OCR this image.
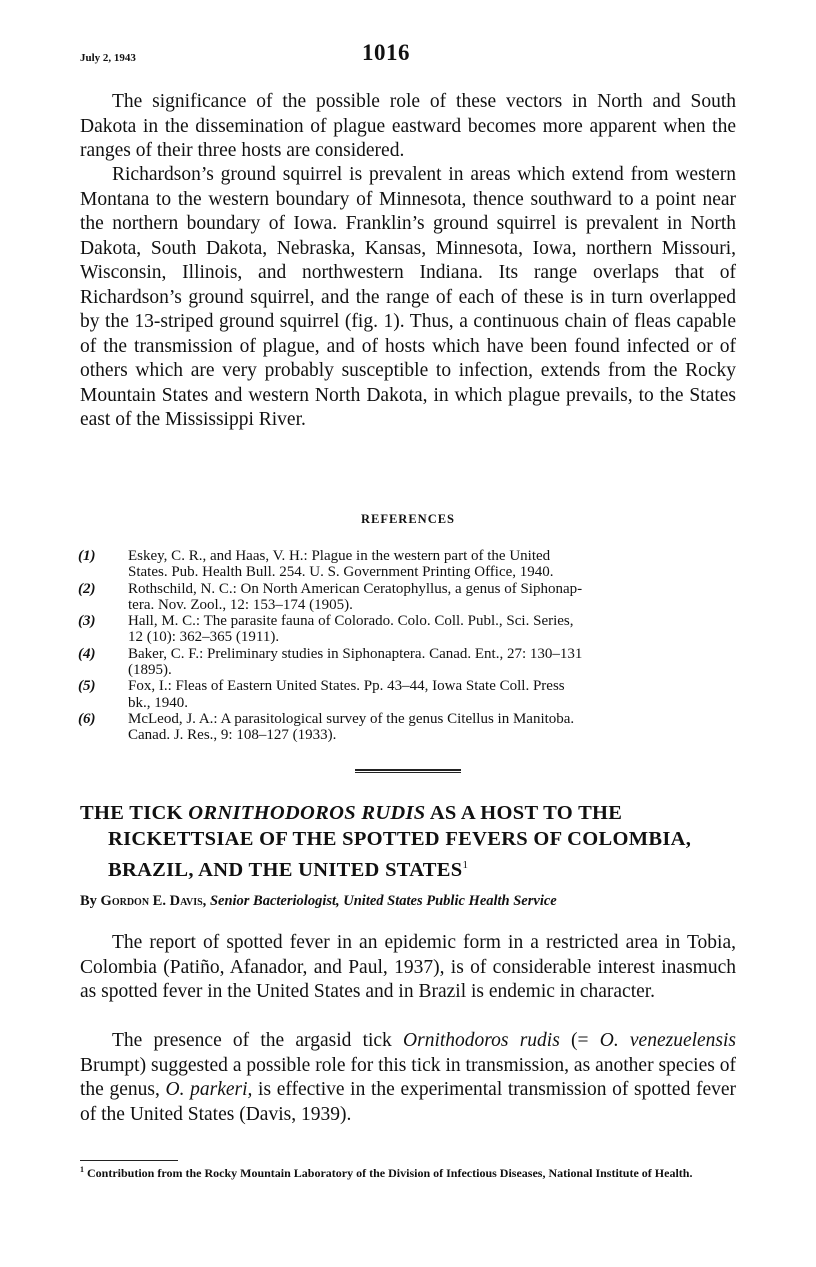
July 2, 1943	1016

The significance of the possible role of these vectors in North and South Dakota in the dissemination of plague eastward becomes more apparent when the ranges of their three hosts are considered.

Richardson’s ground squirrel is prevalent in areas which extend from western Montana to the western boundary of Minnesota, thence southward to a point near the northern boundary of Iowa. Franklin’s ground squirrel is prevalent in North Dakota, South Dakota, Nebraska, Kansas, Minnesota, Iowa, northern Missouri, Wisconsin, Illinois, and northwestern Indiana. Its range overlaps that of Richardson’s ground squirrel, and the range of each of these is in turn overlapped by the 13-striped ground squirrel (fig. 1). Thus, a continuous chain of fleas capable of the transmission of plague, and of hosts which have been found infected or of others which are very probably susceptible to infection, extends from the Rocky Mountain States and western North Dakota, in which plague prevails, to the States east of the Mississippi River.

REFERENCES
(1)	Eskey, C. R., and Haas, V. H.: Plague in the western part of the United
States. Pub. Health Bull. 254. U. S. Government Printing Office, 1940.
(2)	Rothschild, N. C.: On North American Ceratophyllus, a genus of Siphonap-
tera. Nov. Zool., 12: 153–174 (1905).
(3)	Hall, M. C.: The parasite fauna of Colorado. Colo. Coll. Publ., Sci. Series,
12 (10): 362–365 (1911).
(4)	Baker, C. F.: Preliminary studies in Siphonaptera. Canad. Ent., 27: 130–131
(1895).
(5)	Fox, I.: Fleas of Eastern United States. Pp. 43–44, Iowa State Coll. Press
bk., 1940.
(6)	McLeod, J. A.: A parasitological survey of the genus Citellus in Manitoba.
Canad. J. Res., 9: 108–127 (1933).
THE TICK ORNITHODOROS RUDIS AS A HOST TO THE
RICKETTSIAE OF THE SPOTTED FEVERS OF COLOMBIA,
BRAZIL, AND THE UNITED STATES$^1$
By Gordon E. Davis, Senior Bacteriologist, United States Public Health Service

The report of spotted fever in an epidemic form in a restricted area in Tobia, Colombia (Patiño, Afanador, and Paul, 1937), is of considerable interest inasmuch as spotted fever in the United States and in Brazil is endemic in character.

The presence of the argasid tick Ornithodoros rudis (= O. venezuelensis Brumpt) suggested a possible role for this tick in transmission, as another species of the genus, O. parkeri, is effective in the experimental transmission of spotted fever of the United States (Davis, 1939).

$^1$ Contribution from the Rocky Mountain Laboratory of the Division of Infectious Diseases, National Institute of Health.
